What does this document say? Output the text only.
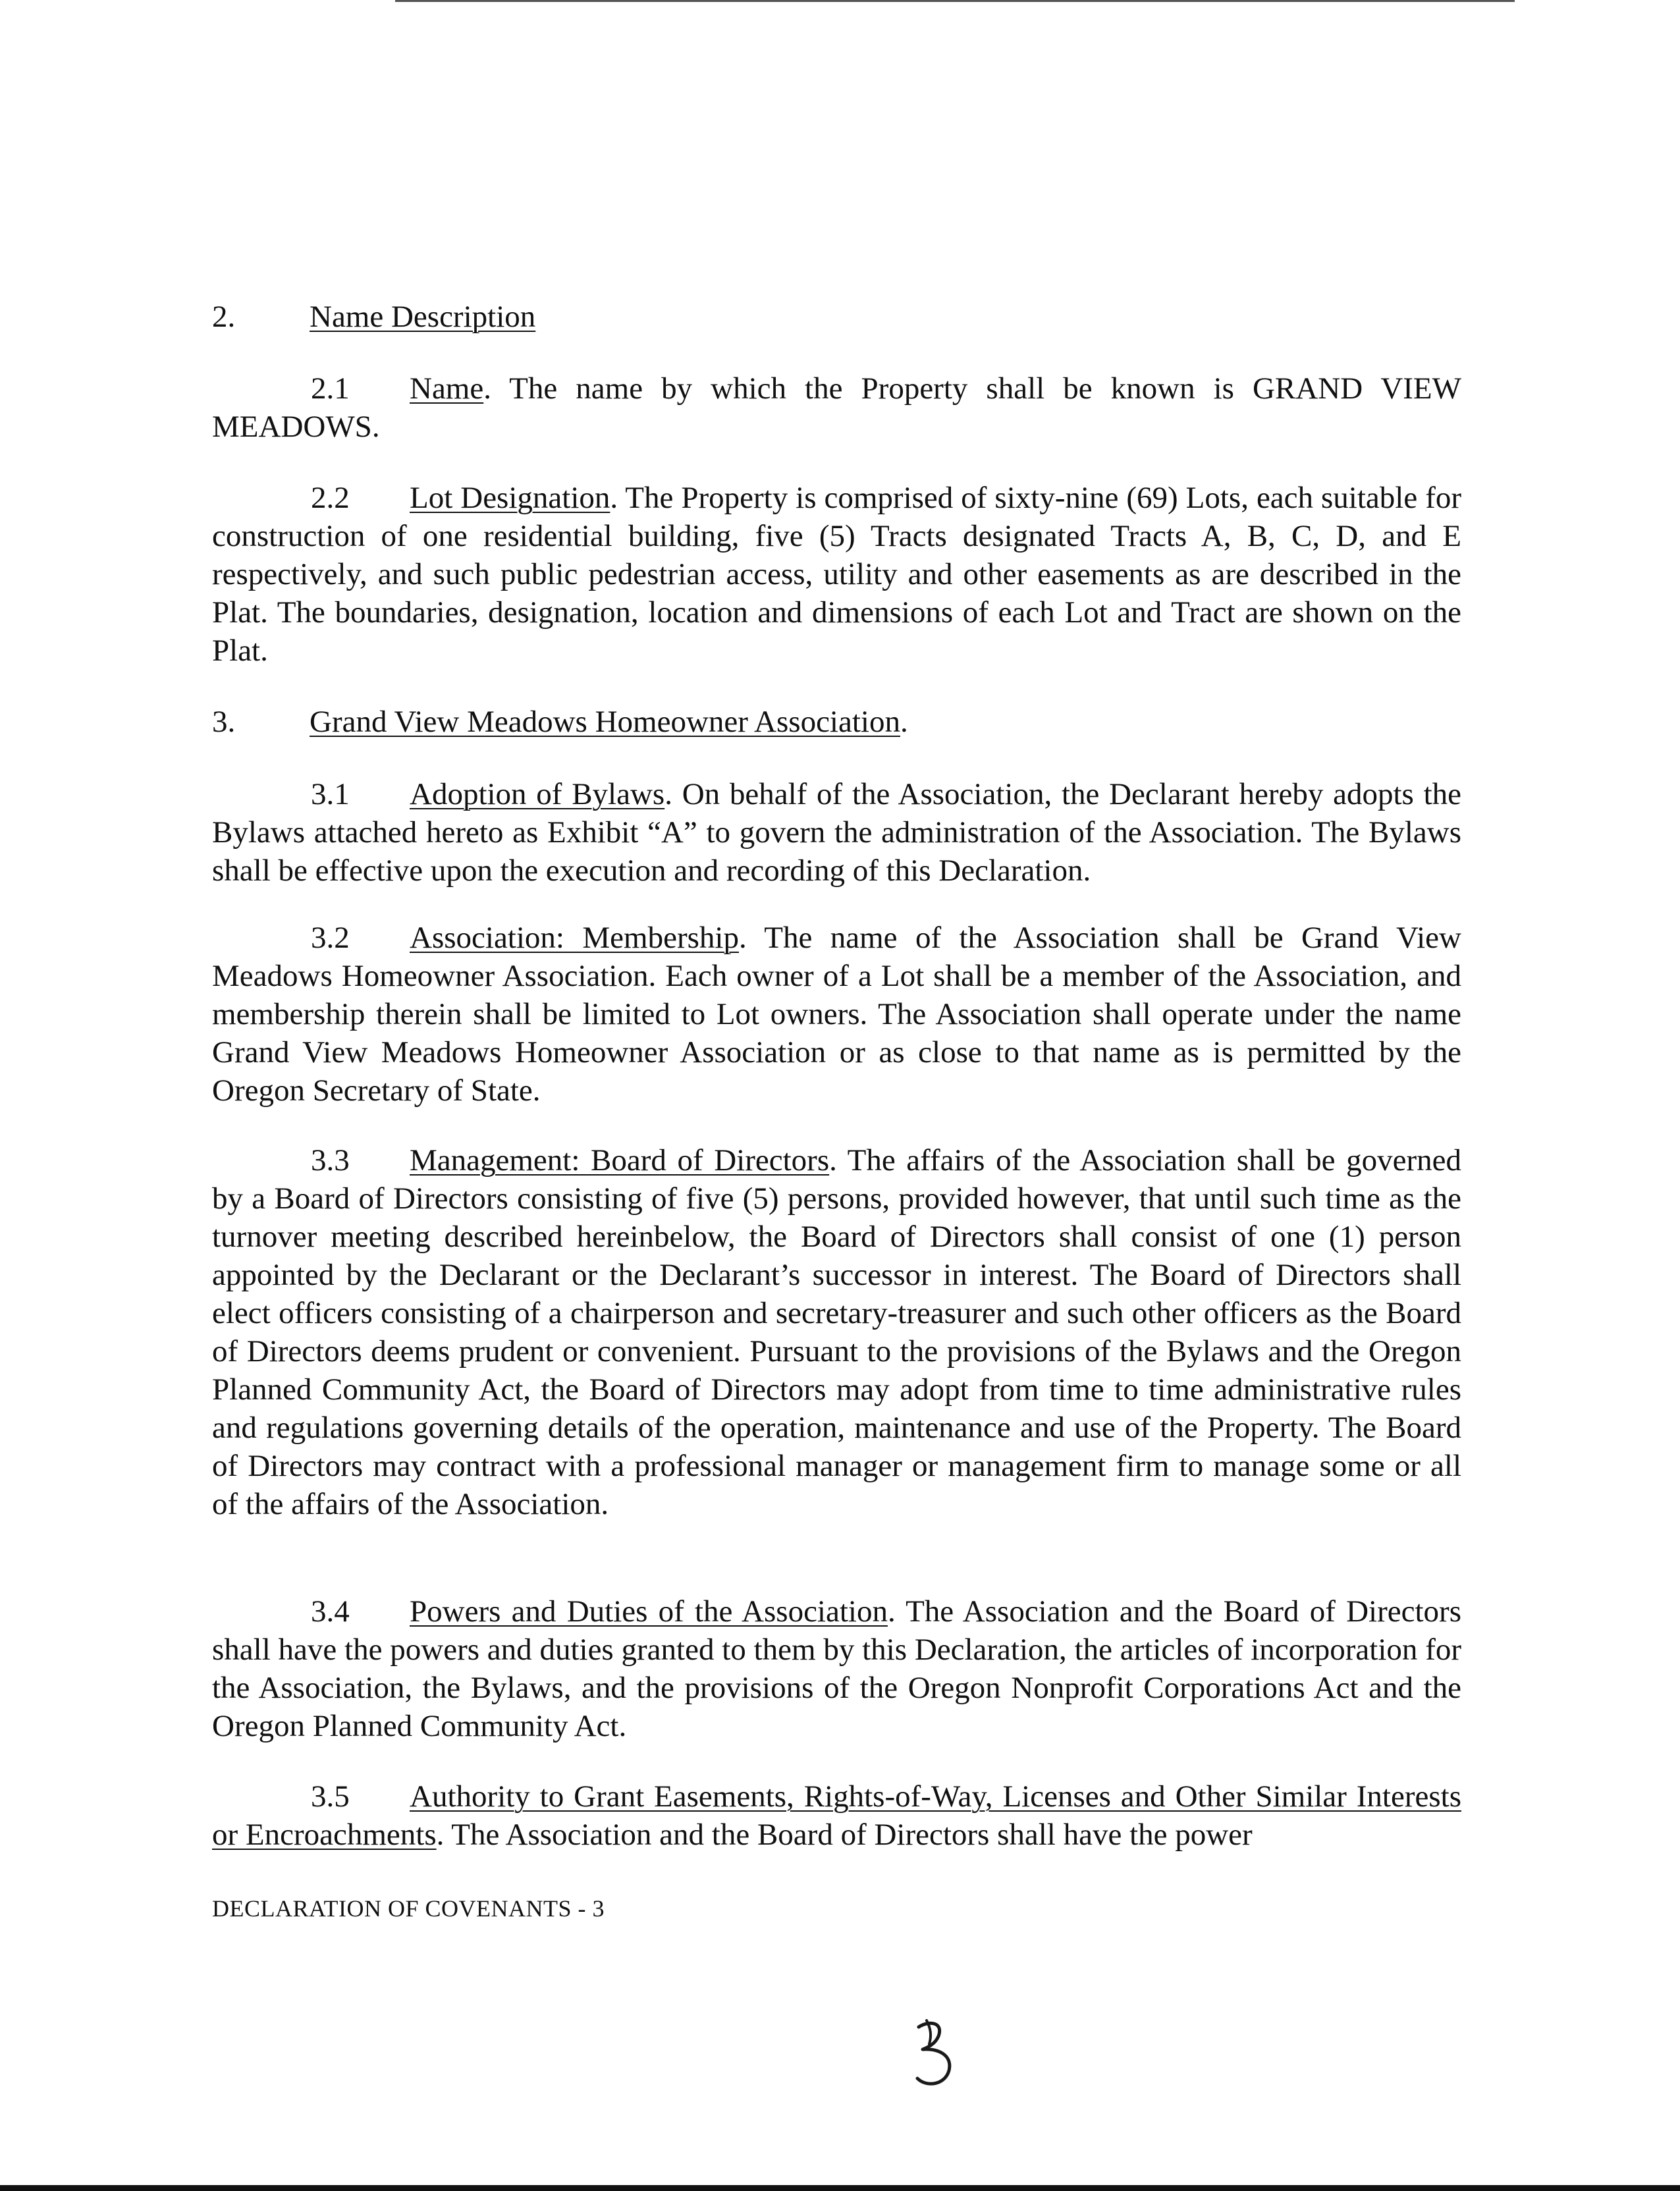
2. Name Description
2.1 Name. The name by which the Property shall be known is GRAND VIEW MEADOWS.
2.2 Lot Designation. The Property is comprised of sixty-nine (69) Lots, each suitable for construction of one residential building, five (5) Tracts designated Tracts A, B, C, D, and E respectively, and such public pedestrian access, utility and other easements as are described in the Plat. The boundaries, designation, location and dimensions of each Lot and Tract are shown on the Plat.
3. Grand View Meadows Homeowner Association.
3.1 Adoption of Bylaws. On behalf of the Association, the Declarant hereby adopts the Bylaws attached hereto as Exhibit “A” to govern the administration of the Association. The Bylaws shall be effective upon the execution and recording of this Declaration.
3.2 Association: Membership. The name of the Association shall be Grand View Meadows Homeowner Association. Each owner of a Lot shall be a member of the Association, and membership therein shall be limited to Lot owners. The Association shall operate under the name Grand View Meadows Homeowner Association or as close to that name as is permitted by the Oregon Secretary of State.
3.3 Management: Board of Directors. The affairs of the Association shall be governed by a Board of Directors consisting of five (5) persons, provided however, that until such time as the turnover meeting described hereinbelow, the Board of Directors shall consist of one (1) person appointed by the Declarant or the Declarant’s successor in interest. The Board of Directors shall elect officers consisting of a chairperson and secretary-treasurer and such other officers as the Board of Directors deems prudent or convenient. Pursuant to the provisions of the Bylaws and the Oregon Planned Community Act, the Board of Directors may adopt from time to time administrative rules and regulations governing details of the operation, maintenance and use of the Property. The Board of Directors may contract with a professional manager or management firm to manage some or all of the affairs of the Association.
3.4 Powers and Duties of the Association. The Association and the Board of Directors shall have the powers and duties granted to them by this Declaration, the articles of incorporation for the Association, the Bylaws, and the provisions of the Oregon Nonprofit Corporations Act and the Oregon Planned Community Act.
3.5 Authority to Grant Easements, Rights-of-Way, Licenses and Other Similar Interests or Encroachments. The Association and the Board of Directors shall have the power
DECLARATION OF COVENANTS - 3
